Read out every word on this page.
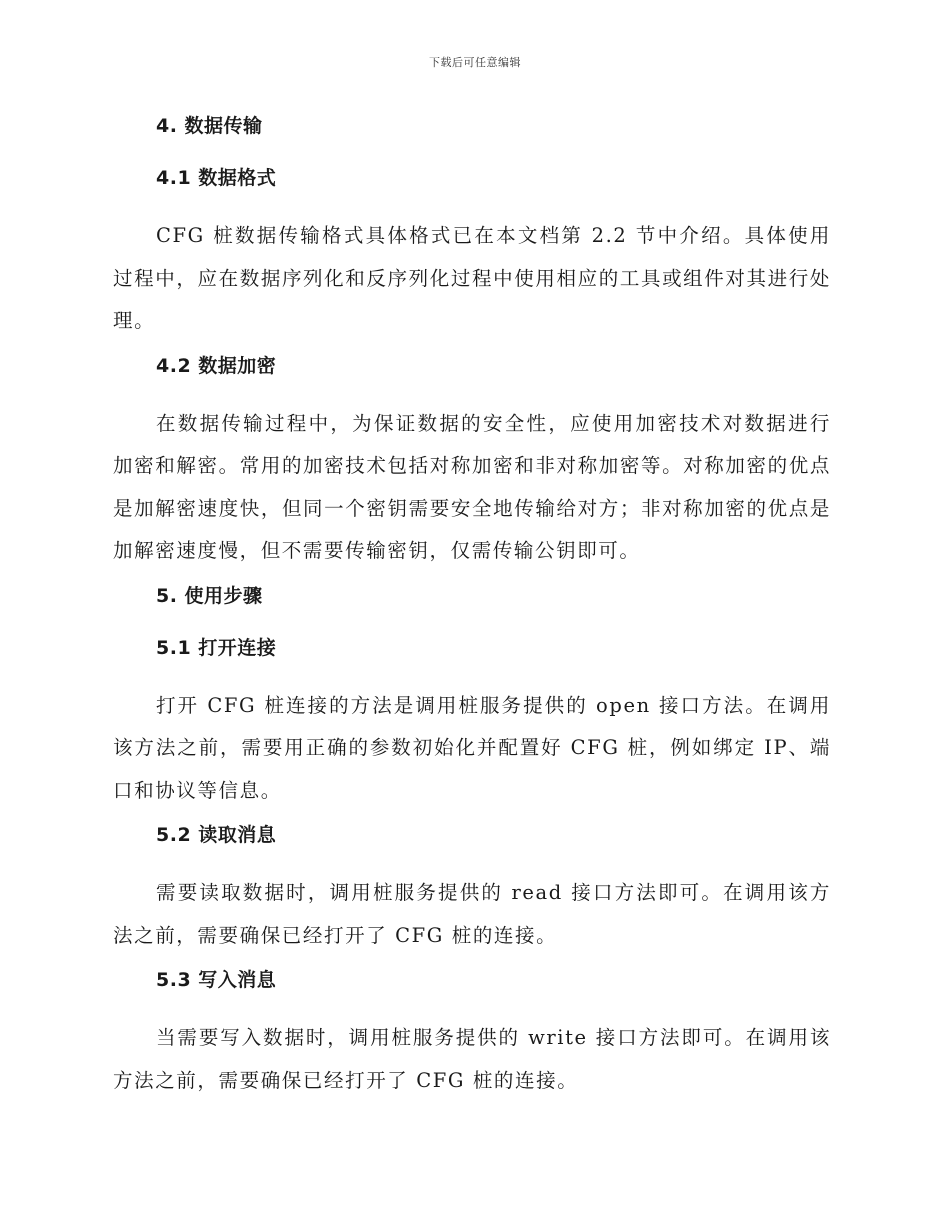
下载后可任意编辑
4. 数据传输
4.1 数据格式

CFG 桩数据传输格式具体格式已在本文档第 2.2 节中介绍。具体使用过程中，应在数据序列化和反序列化过程中使用相应的工具或组件对其进行处理。

4.2 数据加密

在数据传输过程中，为保证数据的安全性，应使用加密技术对数据进行加密和解密。常用的加密技术包括对称加密和非对称加密等。对称加密的优点是加解密速度快，但同一个密钥需要安全地传输给对方；非对称加密的优点是加解密速度慢，但不需要传输密钥，仅需传输公钥即可。

5. 使用步骤
5.1 打开连接

打开 CFG 桩连接的方法是调用桩服务提供的 open 接口方法。在调用该方法之前，需要用正确的参数初始化并配置好 CFG 桩，例如绑定 IP、端口和协议等信息。

5.2 读取消息

需要读取数据时，调用桩服务提供的 read 接口方法即可。在调用该方法之前，需要确保已经打开了 CFG 桩的连接。

5.3 写入消息

当需要写入数据时，调用桩服务提供的 write 接口方法即可。在调用该方法之前，需要确保已经打开了 CFG 桩的连接。
